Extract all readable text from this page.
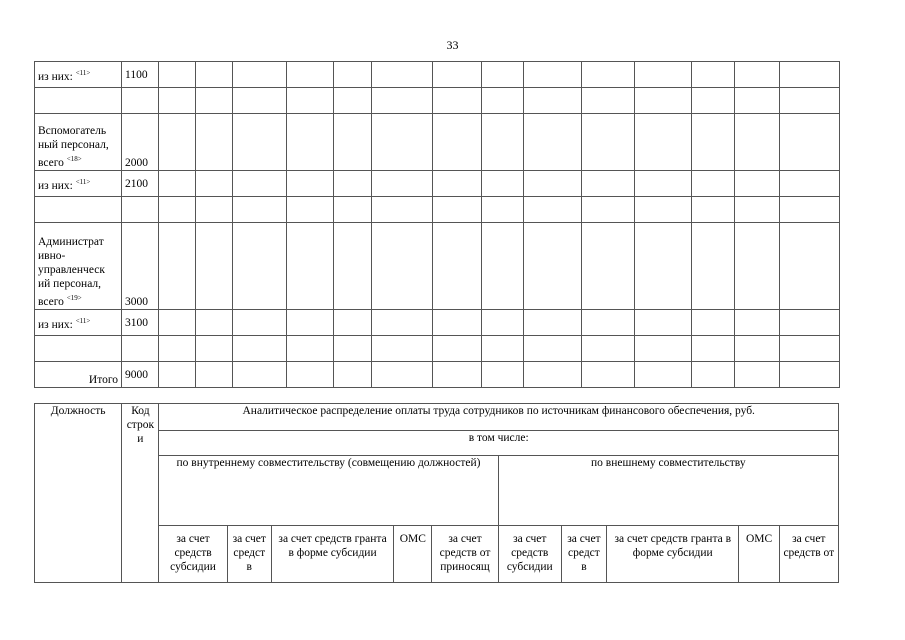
33
из них: $^{<11>}$	1100														

Вспомогатель
ный персонал,
всего $^{<18>}$	2000														
из них: $^{<11>}$	2100														

Администрат
ивно-
управленческ
ий персонал,
всего $^{<19>}$	3000														
из них: $^{<11>}$	3100														

Итого	9000														
Должность	Код
строк
и	Аналитическое распределение оплаты труда сотрудников по источникам финансового обеспечения, руб.									
		в том числе:									
		по внутреннему совместительству (совмещению должностей)					по внешнему совместительству				
		за счет средств субсидии	за счет средст в	за счет средств гранта в форме субсидии	ОМС	за счет средств от приносящ	за счет средств субсидии	за счет средст в	за счет средств гранта в форме субсидии	ОМС	за счет средств от
